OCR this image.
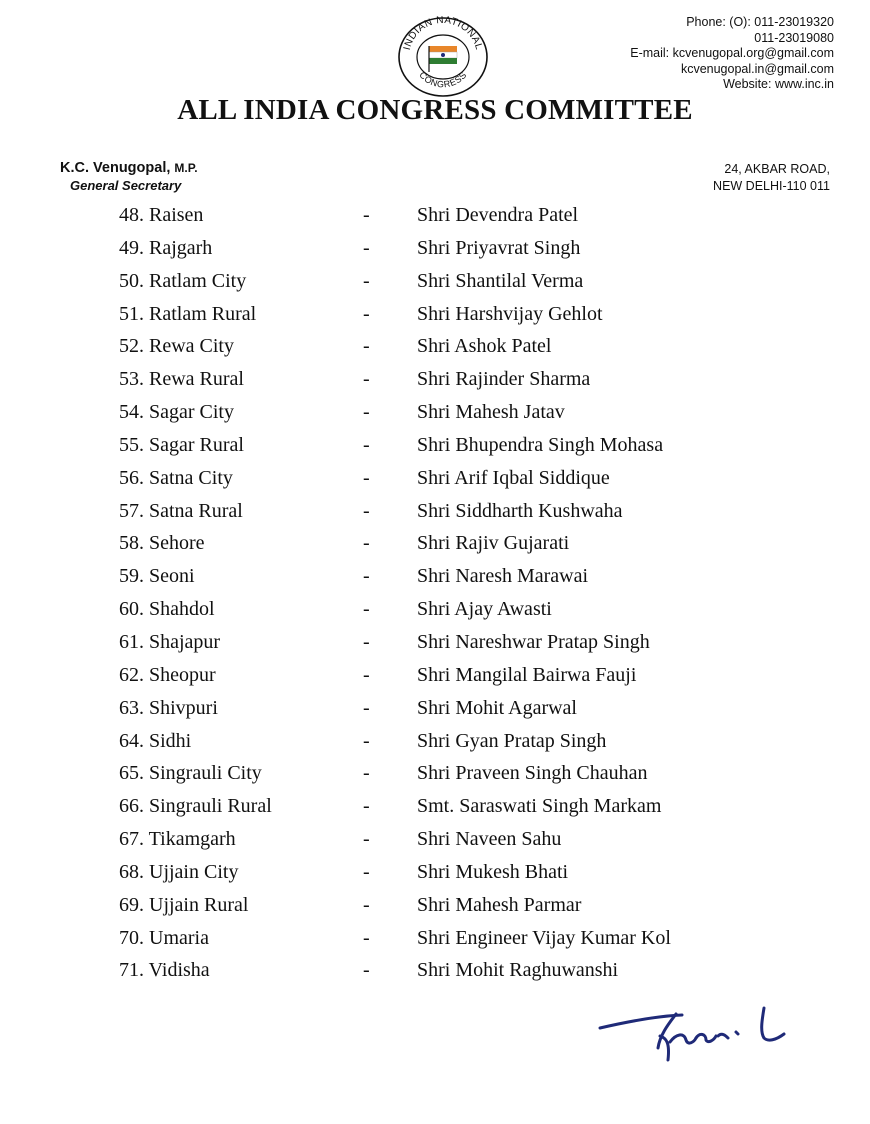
INDIAN NATIONAL
CONGRESS
Phone: (O): 011-23019320
011-23019080
E-mail: kcvenugopal.org@gmail.com
kcvenugopal.in@gmail.com
Website: www.inc.in
ALL INDIA CONGRESS COMMITTEE
K.C. Venugopal, M.P.
General Secretary
24, AKBAR ROAD,
NEW DELHI-110 011
48. Raisen	- Shri Devendra Patel
49. Rajgarh	- Shri Priyavrat Singh
50. Ratlam City	- Shri Shantilal Verma
51. Ratlam Rural	- Shri Harshvijay Gehlot
52. Rewa City	- Shri Ashok Patel
53. Rewa Rural	- Shri Rajinder Sharma
54. Sagar City	- Shri Mahesh Jatav
55. Sagar Rural	- Shri Bhupendra Singh Mohasa
56. Satna City	- Shri Arif Iqbal Siddique
57. Satna Rural	- Shri Siddharth Kushwaha
58. Sehore	- Shri Rajiv Gujarati
59. Seoni	- Shri Naresh Marawai
60. Shahdol	- Shri Ajay Awasti
61. Shajapur	- Shri Nareshwar Pratap Singh
62. Sheopur	- Shri Mangilal Bairwa Fauji
63. Shivpuri	- Shri Mohit Agarwal
64. Sidhi	- Shri Gyan Pratap Singh
65. Singrauli City	- Shri Praveen Singh Chauhan
66. Singrauli Rural	- Smt. Saraswati Singh Markam
67. Tikamgarh	- Shri Naveen Sahu
68. Ujjain City	- Shri Mukesh Bhati
69. Ujjain Rural	- Shri Mahesh Parmar
70. Umaria	- Shri Engineer Vijay Kumar Kol
71. Vidisha	- Shri Mohit Raghuwanshi
